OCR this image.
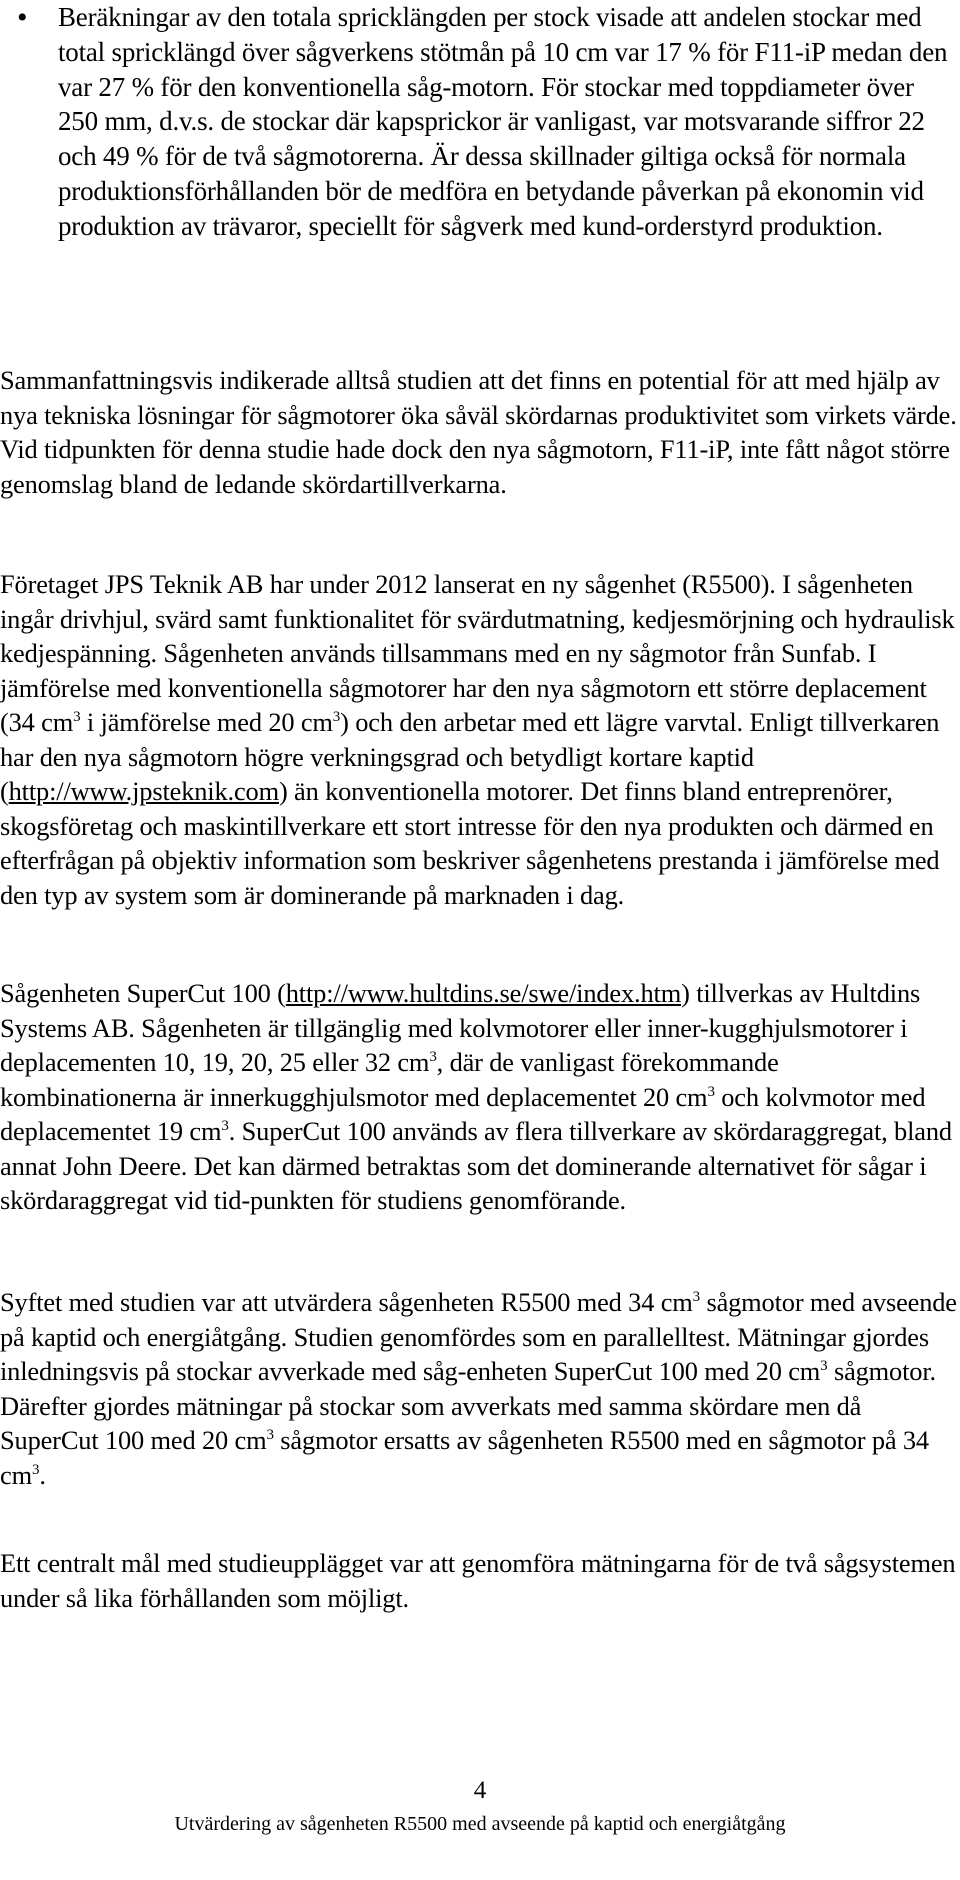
• Beräkningar av den totala spricklängden per stock visade att andelen stockar med total spricklängd över sågverkens stötmån på 10 cm var 17 % för F11-iP medan den var 27 % för den konventionella såg-motorn. För stockar med toppdiameter över 250 mm, d.v.s. de stockar där kapsprickor är vanligast, var motsvarande siffror 22 och 49 % för de två sågmotorerna. Är dessa skillnader giltiga också för normala produktionsförhållanden bör de medföra en betydande påverkan på ekonomin vid produktion av trävaror, speciellt för sågverk med kund-orderstyrd produktion.
Sammanfattningsvis indikerade alltså studien att det finns en potential för att med hjälp av nya tekniska lösningar för sågmotorer öka såväl skördarnas produktivitet som virkets värde. Vid tidpunkten för denna studie hade dock den nya sågmotorn, F11-iP, inte fått något större genomslag bland de ledande skördartillverkarna.
Företaget JPS Teknik AB har under 2012 lanserat en ny sågenhet (R5500). I sågenheten ingår drivhjul, svärd samt funktionalitet för svärdutmatning, kedjesmörjning och hydraulisk kedjespänning. Sågenheten används tillsammans med en ny sågmotor från Sunfab. I jämförelse med konventionella sågmotorer har den nya sågmotorn ett större deplacement (34 $cm^3$ i jämförelse med 20 $cm^3$) och den arbetar med ett lägre varvtal. Enligt tillverkaren har den nya sågmotorn högre verkningsgrad och betydligt kortare kaptid (http://www.jpsteknik.com) än konventionella motorer. Det finns bland entreprenörer, skogsföretag och maskintillverkare ett stort intresse för den nya produkten och därmed en efterfrågan på objektiv information som beskriver sågenhetens prestanda i jämförelse med den typ av system som är dominerande på marknaden i dag.
Sågenheten SuperCut 100 (http://www.hultdins.se/swe/index.htm) tillverkas av Hultdins Systems AB. Sågenheten är tillgänglig med kolvmotorer eller inner-kugghjulsmotorer i deplacementen 10, 19, 20, 25 eller 32 $cm^3$, där de vanligast förekommande kombinationerna är innerkugghjulsmotor med deplacementet 20 $cm^3$ och kolvmotor med deplacementet 19 $cm^3$. SuperCut 100 används av flera tillverkare av skördaraggregat, bland annat John Deere. Det kan därmed betraktas som det dominerande alternativet för sågar i skördaraggregat vid tid-punkten för studiens genomförande.
Syftet med studien var att utvärdera sågenheten R5500 med 34 $cm^3$ sågmotor med avseende på kaptid och energiåtgång. Studien genomfördes som en parallelltest. Mätningar gjordes inledningsvis på stockar avverkade med såg-enheten SuperCut 100 med 20 $cm^3$ sågmotor. Därefter gjordes mätningar på stockar som avverkats med samma skördare men då SuperCut 100 med 20 $cm^3$ sågmotor ersatts av sågenheten R5500 med en sågmotor på 34 $cm^3$.
Ett centralt mål med studieupplägget var att genomföra mätningarna för de två sågsystemen under så lika förhållanden som möjligt.
4
Utvärdering av sågenheten R5500 med avseende på kaptid och energiåtgång
